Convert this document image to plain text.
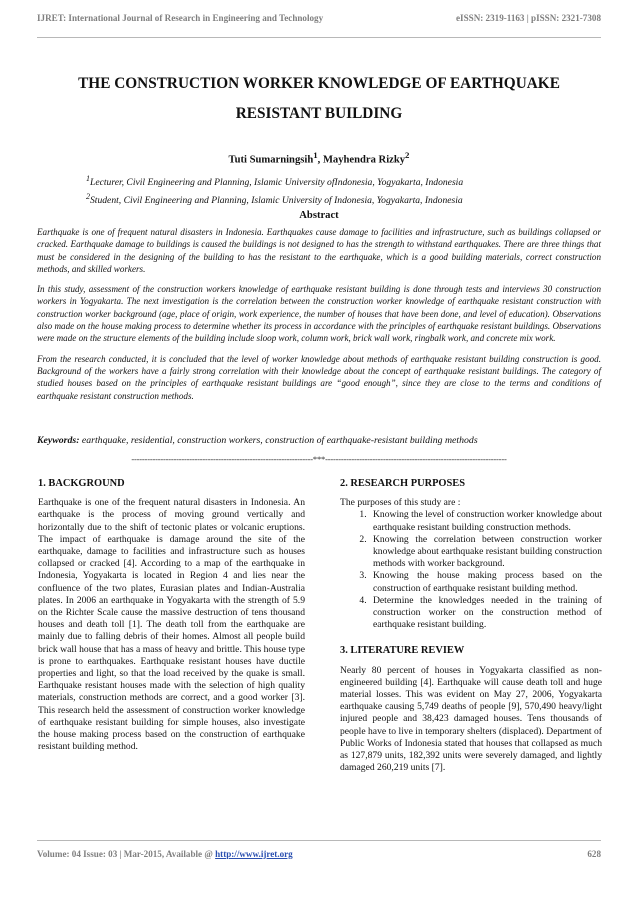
IJRET: International Journal of Research in Engineering and Technology	eISSN: 2319-1163 | pISSN: 2321-7308
THE CONSTRUCTION WORKER KNOWLEDGE OF EARTHQUAKE
RESISTANT BUILDING
Tuti Sumarningsih$^1$, Mayhendra Rizky$^2$
$^1$Lecturer, Civil Engineering and Planning, Islamic University ofIndonesia, Yogyakarta, Indonesia
$^2$Student, Civil Engineering and Planning, Islamic University of Indonesia, Yogyakarta, Indonesia
Abstract

Earthquake is one of frequent natural disasters in Indonesia. Earthquakes cause damage to facilities and infrastructure, such as buildings collapsed or cracked. Earthquake damage to buildings is caused the buildings is not designed to has the strength to withstand earthquakes. There are three things that must be considered in the designing of the building to has the resistant to the earthquake, which is a good building materials, correct construction methods, and skilled workers.

In this study, assessment of the construction workers knowledge of earthquake resistant building is done through tests and interviews 30 construction workers in Yogyakarta. The next investigation is the correlation between the construction worker knowledge of earthquake resistant construction with construction worker background (age, place of origin, work experience, the number of houses that have been done, and level of education). Observations also made on the house making process to determine whether its process in accordance with the principles of earthquake resistant buildings. Observations were made on the structure elements of the building include sloop work, column work, brick wall work, ringbalk work, and concrete mix work.

From the research conducted, it is concluded that the level of worker knowledge about methods of earthquake resistant building construction is good. Background of the workers have a fairly strong correlation with their knowledge about the concept of earthquake resistant buildings. The category of studied houses based on the principles of earthquake resistant buildings are “good enough”, since they are close to the terms and conditions of earthquake resistant construction methods.

Keywords: earthquake, residential, construction workers, construction of earthquake-resistant building methods
---------------------------------------------------------------------***---------------------------------------------------------------------
1. BACKGROUND

Earthquake is one of the frequent natural disasters in Indonesia. An earthquake is the process of moving ground vertically and horizontally due to the shift of tectonic plates or volcanic eruptions. The impact of earthquake is damage around the site of the earthquake, damage to facilities and infrastructure such as houses collapsed or cracked [4]. According to a map of the earthquake in Indonesia, Yogyakarta is located in Region 4 and lies near the confluence of the two plates, Eurasian plates and Indian-Australia plates. In 2006 an earthquake in Yogyakarta with the strength of 5.9 on the Richter Scale cause the massive destruction of tens thousand houses and death toll [1]. The death toll from the earthquake are mainly due to falling debris of their homes. Almost all people build brick wall house that has a mass of heavy and brittle. This house type is prone to earthquakes. Earthquake resistant houses have ductile properties and light, so that the load received by the quake is small. Earthquake resistant houses made with the selection of high quality materials, construction methods are correct, and a good worker [3]. This research held the assessment of construction worker knowledge of earthquake resistant building for simple houses, also investigate the house making process based on the construction of earthquake resistant building method.

2. RESEARCH PURPOSES

The purposes of this study are :

1. Knowing the level of construction worker knowledge about earthquake resistant building construction methods.
2. Knowing the correlation between construction worker knowledge about earthquake resistant building construction methods with worker background.
3. Knowing the house making process based on the construction of earthquake resistant building method.
4. Determine the knowledges needed in the training of construction worker on the construction method of earthquake resistant building.
3. LITERATURE REVIEW

Nearly 80 percent of houses in Yogyakarta classified as non-engineered building [4]. Earthquake will cause death toll and huge material losses. This was evident on May 27, 2006, Yogyakarta earthquake causing 5,749 deaths of people [9], 570,490 heavy/light injured people and 38,423 damaged houses. Tens thousands of people have to live in temporary shelters (displaced). Department of Public Works of Indonesia stated that houses that collapsed as much as 127,879 units, 182,392 units were severely damaged, and lightly damaged 260,219 units [7].

Volume: 04 Issue: 03 | Mar-2015, Available @ http://www.ijret.org	628
